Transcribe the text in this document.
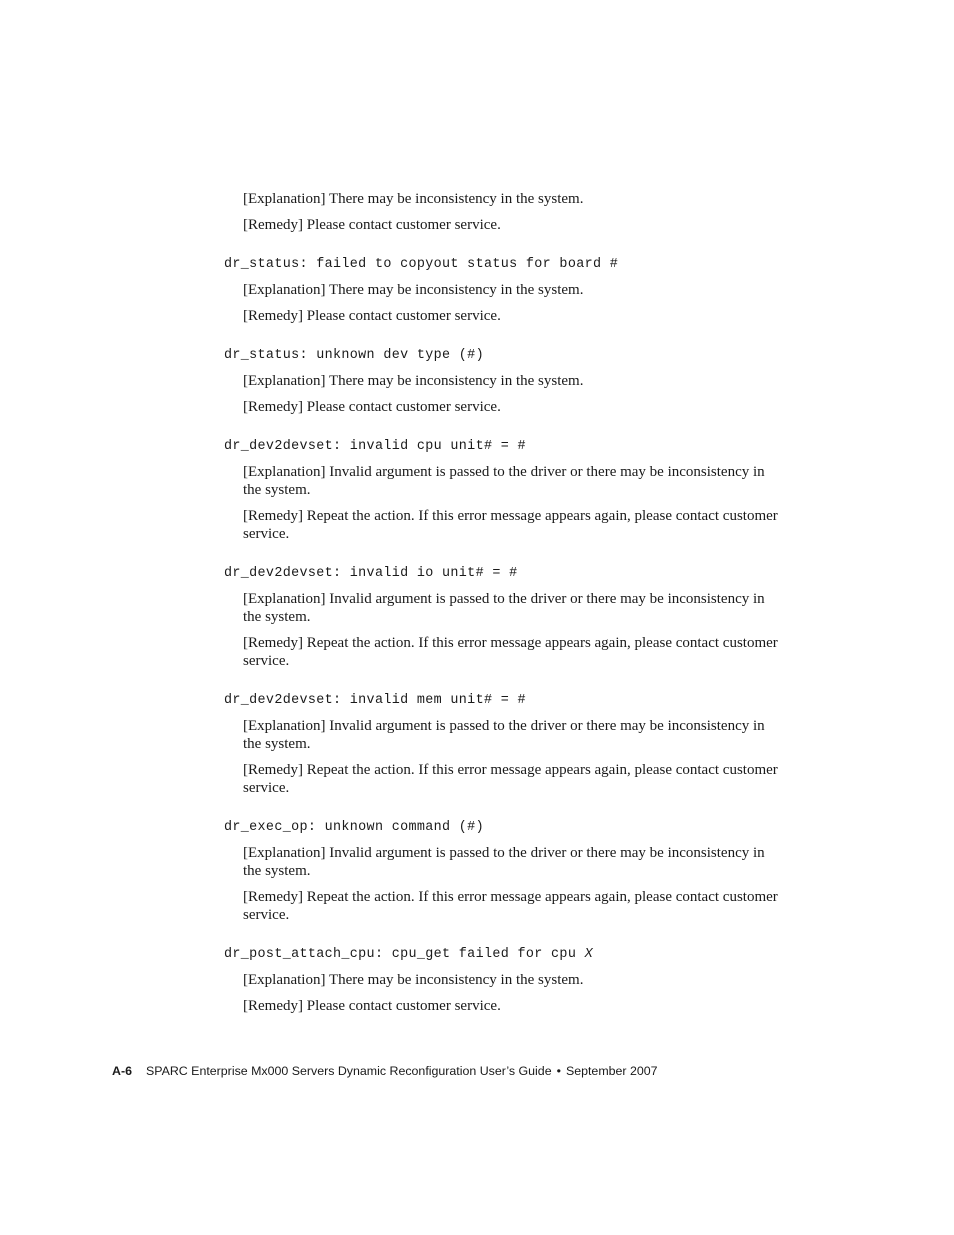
[Explanation] There may be inconsistency in the system.

[Remedy] Please contact customer service.

dr_status: failed to copyout status for board #

[Explanation] There may be inconsistency in the system.

[Remedy] Please contact customer service.

dr_status: unknown dev type (#)

[Explanation] There may be inconsistency in the system.

[Remedy] Please contact customer service.

dr_dev2devset: invalid cpu unit# = #

[Explanation] Invalid argument is passed to the driver or there may be inconsistency in the system.

[Remedy] Repeat the action. If this error message appears again, please contact customer service.

dr_dev2devset: invalid io unit# = #

[Explanation] Invalid argument is passed to the driver or there may be inconsistency in the system.

[Remedy] Repeat the action. If this error message appears again, please contact customer service.

dr_dev2devset: invalid mem unit# = #

[Explanation] Invalid argument is passed to the driver or there may be inconsistency in the system.

[Remedy] Repeat the action. If this error message appears again, please contact customer service.

dr_exec_op: unknown command (#)

[Explanation] Invalid argument is passed to the driver or there may be inconsistency in the system.

[Remedy] Repeat the action. If this error message appears again, please contact customer service.

dr_post_attach_cpu: cpu_get failed for cpu X

[Explanation] There may be inconsistency in the system.

[Remedy] Please contact customer service.

A-6 SPARC Enterprise Mx000 Servers Dynamic Reconfiguration User’s Guide • September 2007
